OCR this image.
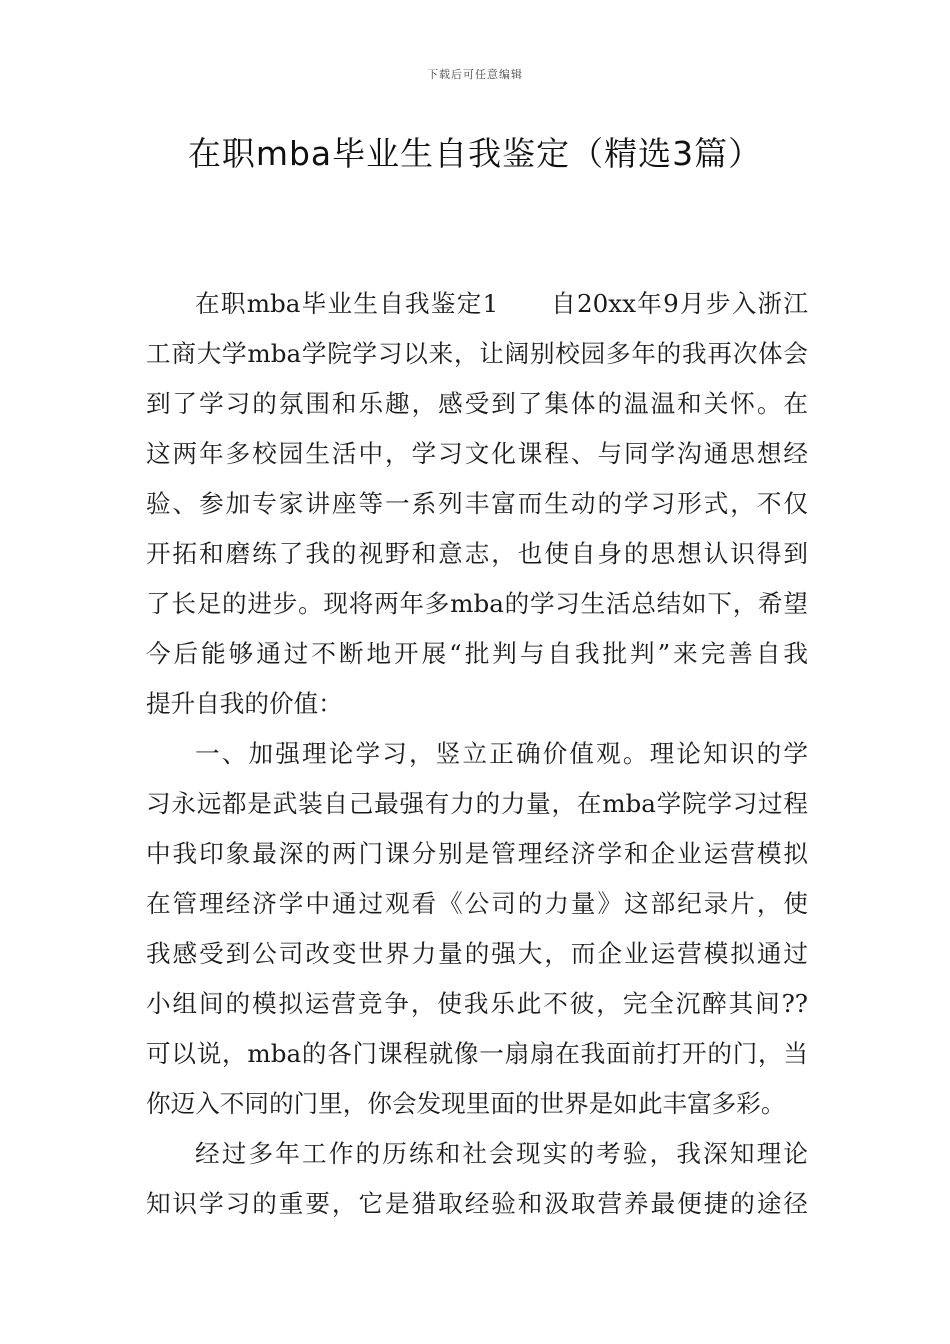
下载后可任意编辑
在职mba毕业生自我鉴定（精选3篇）
在职mba毕业生自我鉴定1　　自20xx年9月步入浙江
工商大学mba学院学习以来，让阔别校园多年的我再次体会
到了学习的氛围和乐趣，感受到了集体的温温和关怀。在
这两年多校园生活中，学习文化课程、与同学沟通思想经
验、参加专家讲座等一系列丰富而生动的学习形式，不仅
开拓和磨练了我的视野和意志，也使自身的思想认识得到
了长足的进步。现将两年多mba的学习生活总结如下，希望
今后能够通过不断地开展“批判与自我批判”来完善自我
提升自我的价值：
一、加强理论学习，竖立正确价值观。理论知识的学
习永远都是武装自己最强有力的力量，在mba学院学习过程
中我印象最深的两门课分别是管理经济学和企业运营模拟
在管理经济学中通过观看《公司的力量》这部纪录片，使
我感受到公司改变世界力量的强大，而企业运营模拟通过
小组间的模拟运营竞争，使我乐此不彼，完全沉醉其间??
可以说，mba的各门课程就像一扇扇在我面前打开的门，当
你迈入不同的门里，你会发现里面的世界是如此丰富多彩。
经过多年工作的历练和社会现实的考验，我深知理论
知识学习的重要，它是猎取经验和汲取营养最便捷的途径
